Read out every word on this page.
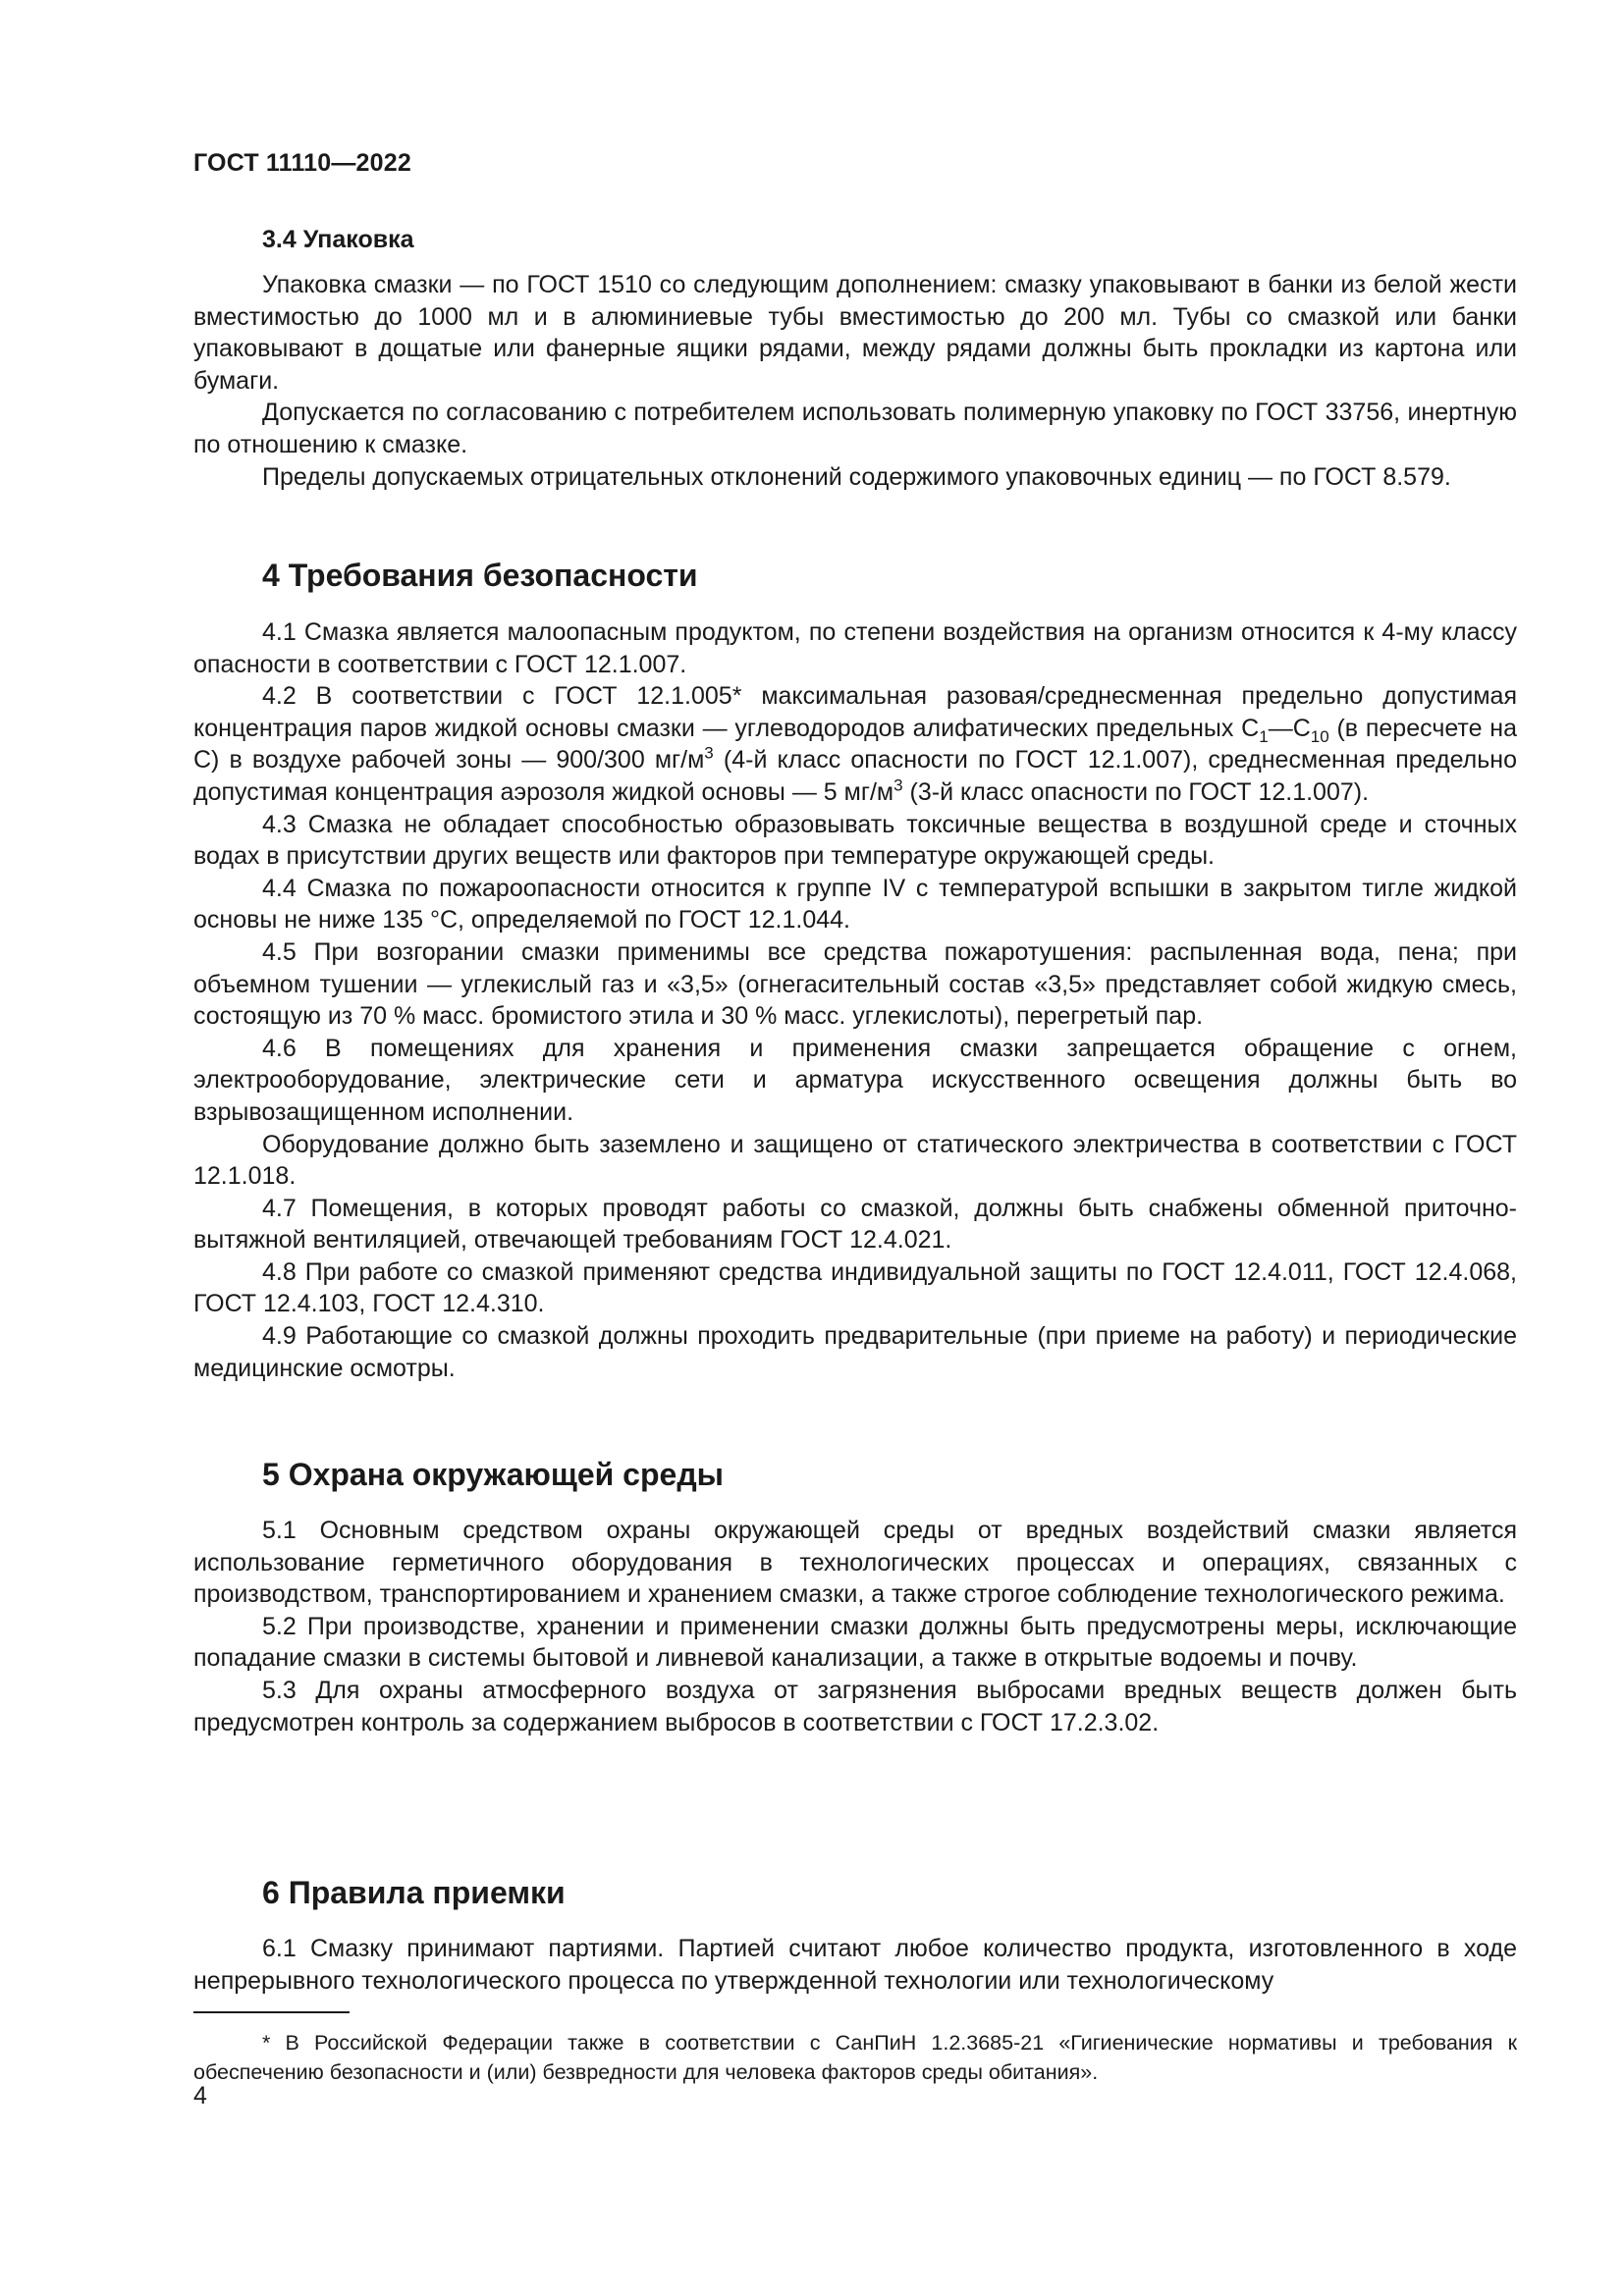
ГОСТ 11110—2022
3.4 Упаковка

Упаковка смазки — по ГОСТ 1510 со следующим дополнением: смазку упаковывают в банки из белой жести вместимостью до 1000 мл и в алюминиевые тубы вместимостью до 200 мл. Тубы со смазкой или банки упаковывают в дощатые или фанерные ящики рядами, между рядами должны быть прокладки из картона или бумаги.

Допускается по согласованию с потребителем использовать полимерную упаковку по ГОСТ 33756, инертную по отношению к смазке.

Пределы допускаемых отрицательных отклонений содержимого упаковочных единиц — по ГОСТ 8.579.

4 Требования безопасности

4.1 Смазка является малоопасным продуктом, по степени воздействия на организм относится к 4-му классу опасности в соответствии с ГОСТ 12.1.007.

4.2 В соответствии с ГОСТ 12.1.005* максимальная разовая/среднесменная предельно допустимая концентрация паров жидкой основы смазки — углеводородов алифатических предельных $С_1—С_{10}$ (в пересчете на С) в воздухе рабочей зоны — 900/300 $мг/м^3$ (4-й класс опасности по ГОСТ 12.1.007), среднесменная предельно допустимая концентрация аэрозоля жидкой основы — 5 $мг/м^3$ (3-й класс опасности по ГОСТ 12.1.007).

4.3 Смазка не обладает способностью образовывать токсичные вещества в воздушной среде и сточных водах в присутствии других веществ или факторов при температуре окружающей среды.

4.4 Смазка по пожароопасности относится к группе IV с температурой вспышки в закрытом тигле жидкой основы не ниже 135 °С, определяемой по ГОСТ 12.1.044.

4.5 При возгорании смазки применимы все средства пожаротушения: распыленная вода, пена; при объемном тушении — углекислый газ и «3,5» (огнегасительный состав «3,5» представляет собой жидкую смесь, состоящую из 70 % масс. бромистого этила и 30 % масс. углекислоты), перегретый пар.

4.6 В помещениях для хранения и применения смазки запрещается обращение с огнем, электрооборудование, электрические сети и арматура искусственного освещения должны быть во взрывозащищенном исполнении.

Оборудование должно быть заземлено и защищено от статического электричества в соответствии с ГОСТ 12.1.018.

4.7 Помещения, в которых проводят работы со смазкой, должны быть снабжены обменной приточно-вытяжной вентиляцией, отвечающей требованиям ГОСТ 12.4.021.

4.8 При работе со смазкой применяют средства индивидуальной защиты по ГОСТ 12.4.011, ГОСТ 12.4.068, ГОСТ 12.4.103, ГОСТ 12.4.310.

4.9 Работающие со смазкой должны проходить предварительные (при приеме на работу) и периодические медицинские осмотры.

5 Охрана окружающей среды

5.1 Основным средством охраны окружающей среды от вредных воздействий смазки является использование герметичного оборудования в технологических процессах и операциях, связанных с производством, транспортированием и хранением смазки, а также строгое соблюдение технологического режима.

5.2 При производстве, хранении и применении смазки должны быть предусмотрены меры, исключающие попадание смазки в системы бытовой и ливневой канализации, а также в открытые водоемы и почву.

5.3 Для охраны атмосферного воздуха от загрязнения выбросами вредных веществ должен быть предусмотрен контроль за содержанием выбросов в соответствии с ГОСТ 17.2.3.02.

6 Правила приемки

6.1 Смазку принимают партиями. Партией считают любое количество продукта, изготовленного в ходе непрерывного технологического процесса по утвержденной технологии или технологическому

* В Российской Федерации также в соответствии с СанПиН 1.2.3685-21 «Гигиенические нормативы и требования к обеспечению безопасности и (или) безвредности для человека факторов среды обитания».

4
